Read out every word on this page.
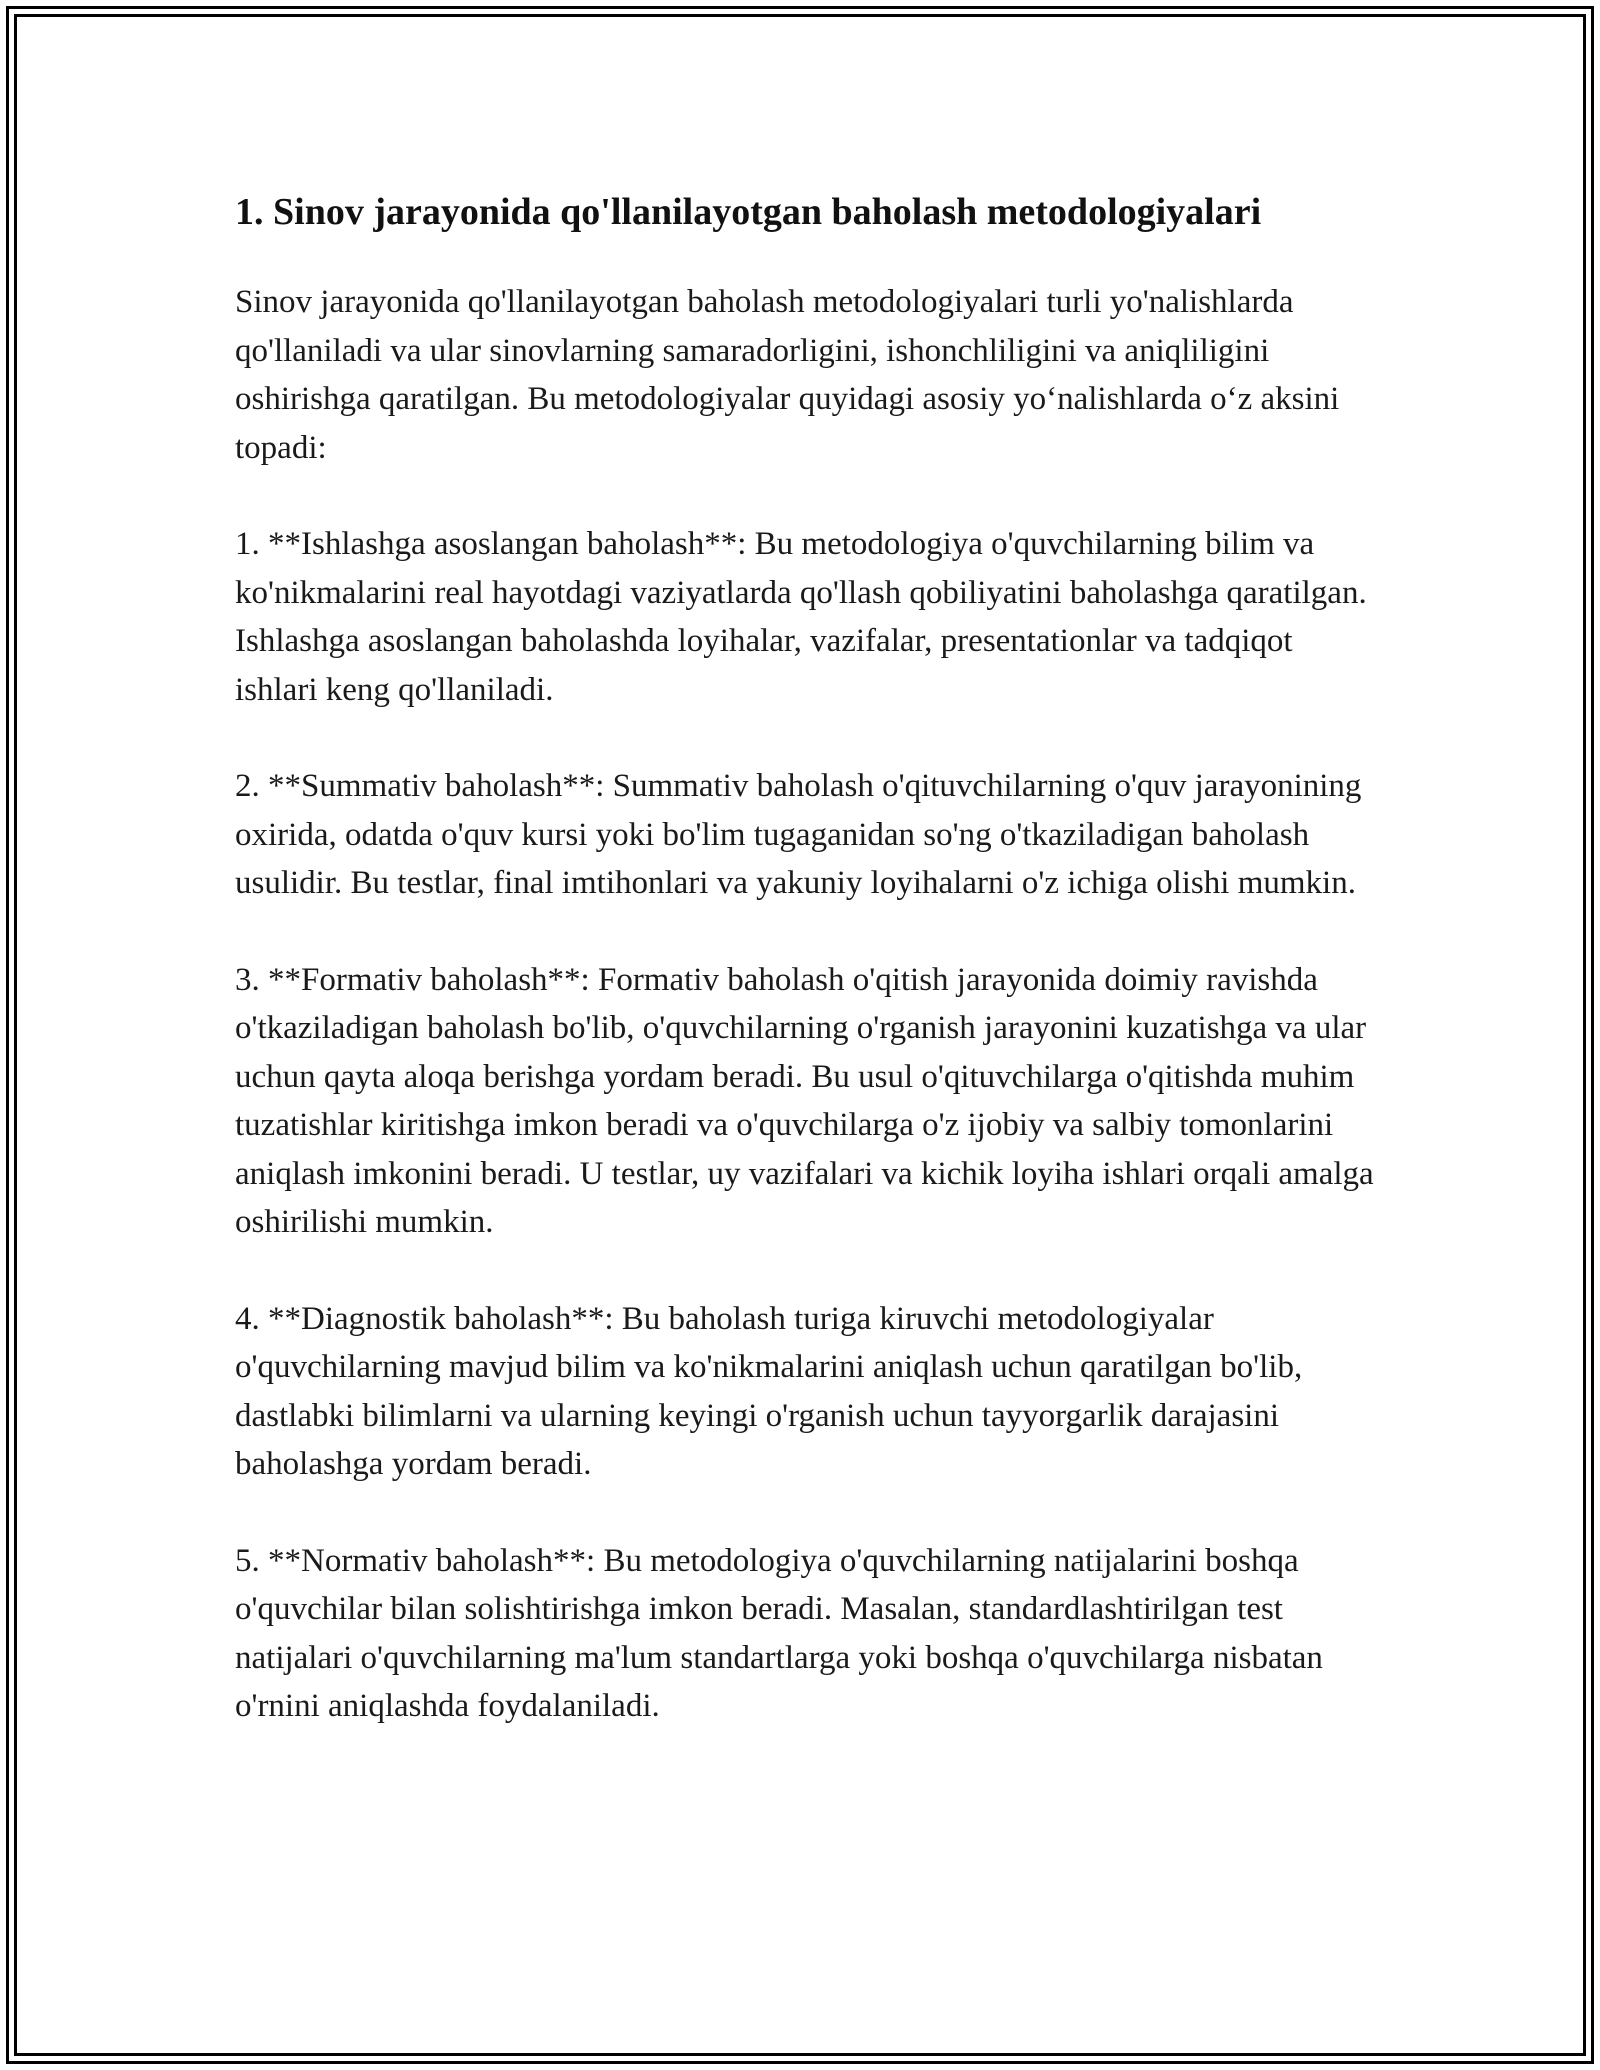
1. Sinov jarayonida qo'llanilayotgan baholash metodologiyalari

Sinov jarayonida qo'llanilayotgan baholash metodologiyalari turli yo'nalishlarda qo'llaniladi va ular sinovlarning samaradorligini, ishonchliligini va aniqliligini oshirishga qaratilgan. Bu metodologiyalar quyidagi asosiy yo‘nalishlarda o‘z aksini topadi:

1. **Ishlashga asoslangan baholash**: Bu metodologiya o'quvchilarning bilim va ko'nikmalarini real hayotdagi vaziyatlarda qo'llash qobiliyatini baholashga qaratilgan. Ishlashga asoslangan baholashda loyihalar, vazifalar, presentationlar va tadqiqot ishlari keng qo'llaniladi.

2. **Summativ baholash**: Summativ baholash o'qituvchilarning o'quv jarayonining oxirida, odatda o'quv kursi yoki bo'lim tugaganidan so'ng o'tkaziladigan baholash usulidir. Bu testlar, final imtihonlari va yakuniy loyihalarni o'z ichiga olishi mumkin.

3. **Formativ baholash**: Formativ baholash o'qitish jarayonida doimiy ravishda o'tkaziladigan baholash bo'lib, o'quvchilarning o'rganish jarayonini kuzatishga va ular uchun qayta aloqa berishga yordam beradi. Bu usul o'qituvchilarga o'qitishda muhim tuzatishlar kiritishga imkon beradi va o'quvchilarga o'z ijobiy va salbiy tomonlarini aniqlash imkonini beradi. U testlar, uy vazifalari va kichik loyiha ishlari orqali amalga oshirilishi mumkin.

4. **Diagnostik baholash**: Bu baholash turiga kiruvchi metodologiyalar o'quvchilarning mavjud bilim va ko'nikmalarini aniqlash uchun qaratilgan bo'lib, dastlabki bilimlarni va ularning keyingi o'rganish uchun tayyorgarlik darajasini baholashga yordam beradi.

5. **Normativ baholash**: Bu metodologiya o'quvchilarning natijalarini boshqa o'quvchilar bilan solishtirishga imkon beradi. Masalan, standardlashtirilgan test natijalari o'quvchilarning ma'lum standartlarga yoki boshqa o'quvchilarga nisbatan o'rnini aniqlashda foydalaniladi.
